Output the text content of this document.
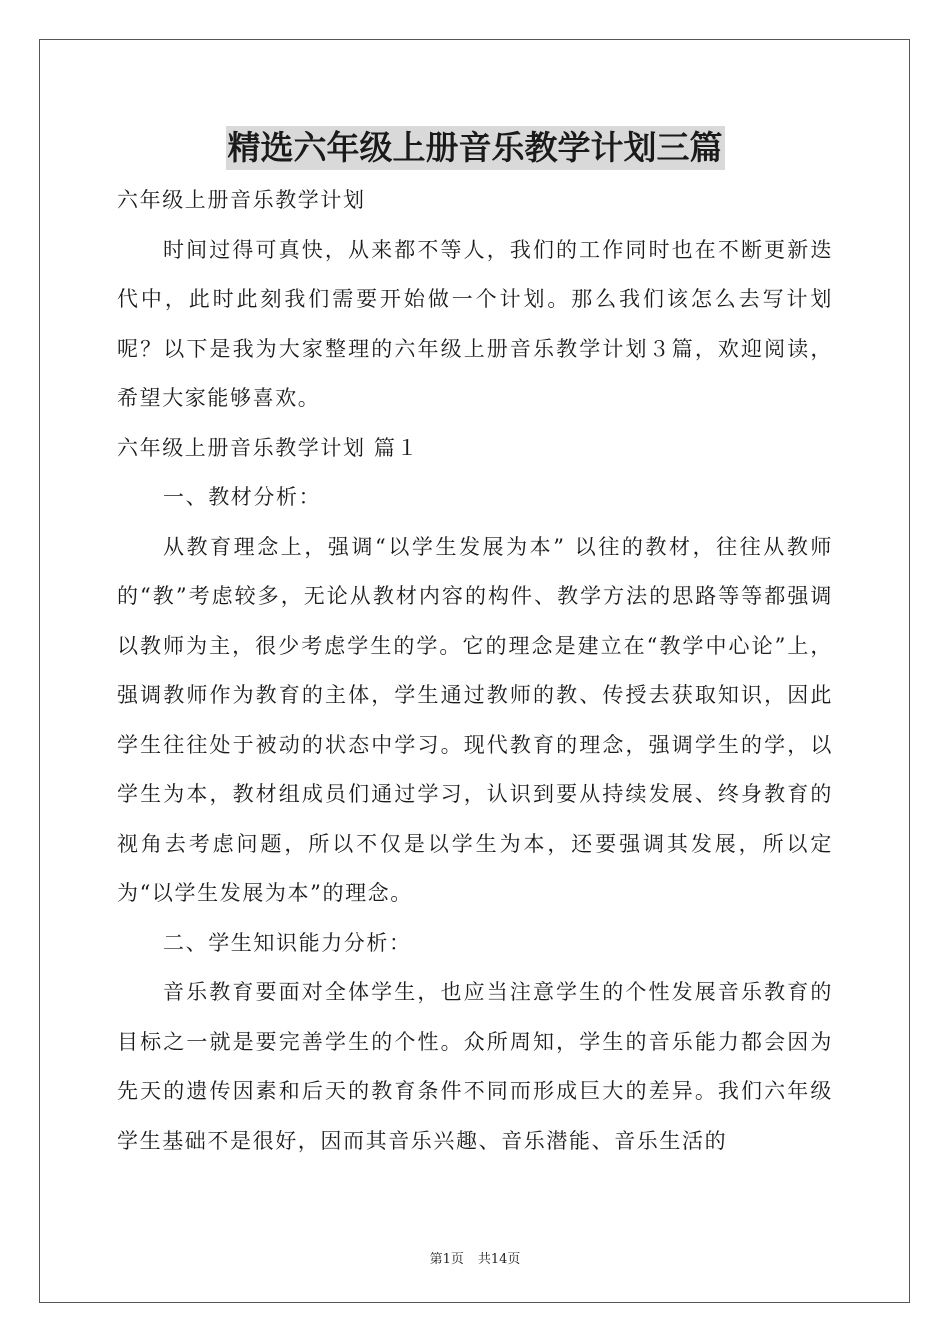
精选六年级上册音乐教学计划三篇

六年级上册音乐教学计划

时间过得可真快，从来都不等人，我们的工作同时也在不断更新迭代中，此时此刻我们需要开始做一个计划。那么我们该怎么去写计划呢？以下是我为大家整理的六年级上册音乐教学计划３篇，欢迎阅读，希望大家能够喜欢。

六年级上册音乐教学计划 篇１

一、教材分析：

从教育理念上，强调“以学生发展为本” 以往的教材，往往从教师的“教”考虑较多，无论从教材内容的构件、教学方法的思路等等都强调以教师为主，很少考虑学生的学。它的理念是建立在“教学中心论”上，强调教师作为教育的主体，学生通过教师的教、传授去获取知识，因此学生往往处于被动的状态中学习。现代教育的理念，强调学生的学，以学生为本，教材组成员们通过学习，认识到要从持续发展、终身教育的视角去考虑问题，所以不仅是以学生为本，还要强调其发展，所以定为“以学生发展为本”的理念。

二、学生知识能力分析：

音乐教育要面对全体学生，也应当注意学生的个性发展音乐教育的目标之一就是要完善学生的个性。众所周知，学生的音乐能力都会因为先天的遗传因素和后天的教育条件不同而形成巨大的差异。我们六年级学生基础不是很好，因而其音乐兴趣、音乐潜能、音乐生活的

第1页 共14页
